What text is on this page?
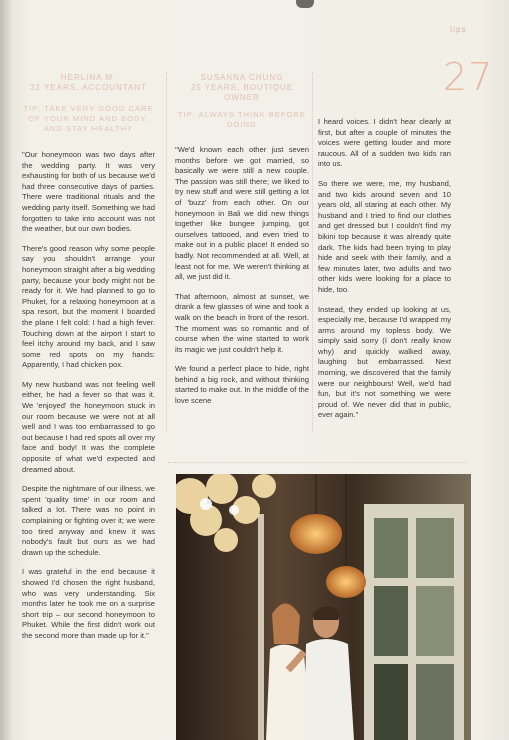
tips
27
HERLINA M.
32 YEARS, ACCOUNTANT
TIP: TAKE VERY GOOD CARE OF YOUR MIND AND BODY, AND STAY HEALTHY
SUSANNA CHUNG
25 YEARS, BOUTIQUE OWNER
TIP: ALWAYS THINK BEFORE DOING

"Our honeymoon was two days after the wedding party. It was very exhausting for both of us because we'd had three consecutive days of parties. There were traditional rituals and the wedding party itself. Something we had forgotten to take into account was not the weather, but our own bodies.

There's good reason why some people say you shouldn't arrange your honeymoon straight after a big wedding party, because your body might not be ready for it. We had planned to go to Phuket, for a relaxing honeymoon at a spa resort, but the moment I boarded the plane I felt cold: I had a high fever. Touching down at the airport I start to feel itchy around my back, and I saw some red spots on my hands: Apparently, I had chicken pox.

My new husband was not feeling well either, he had a fever so that was it. We 'enjoyed' the honeymoon stuck in our room because we were not at all well and I was too embarrassed to go out because I had red spots all over my face and body! It was the complete opposite of what we'd expected and dreamed about.

Despite the nightmare of our illness, we spent 'quality time' in our room and talked a lot. There was no point in complaining or fighting over it; we were too tired anyway and knew it was nobody's fault but ours as we had drawn up the schedule.

I was grateful in the end because it showed I'd chosen the right husband, who was very understanding. Six months later he took me on a surprise short trip – our second honeymoon to Phuket. While the first didn't work out the second more than made up for it."

"We'd known each other just seven months before we got married, so basically we were still a new couple. The passion was still there; we liked to try new stuff and were still getting a lot of 'buzz' from each other. On our honeymoon in Bali we did new things together like bungee jumping, got ourselves tattooed, and even tried to make out in a public place! It ended so badly. Not recommended at all. Well, at least not for me. We weren't thinking at all, we just did it.

That afternoon, almost at sunset, we drank a few glasses of wine and took a walk on the beach in front of the resort. The moment was so romantic and of course when the wine started to work its magic we just couldn't help it.

We found a perfect place to hide, right behind a big rock, and without thinking started to make out. In the middle of the love scene

I heard voices. I didn't hear clearly at first, but after a couple of minutes the voices were getting louder and more raucous. All of a sudden two kids ran into us.

So there we were, me, my husband, and two kids around seven and 10 years old, all staring at each other. My husband and I tried to find our clothes and get dressed but I couldn't find my bikini top because it was already quite dark. The kids had been trying to play hide and seek with their family, and a few minutes later, two adults and two other kids were looking for a place to hide, too.

Instead, they ended up looking at us, especially me, because I'd wrapped my arms around my topless body. We simply said sorry (I don't really know why) and quickly walked away, laughing but embarrassed. Next morning, we discovered that the family were our neighbours! Well, we'd had fun, but it's not something we were proud of. We never did that in public, ever again."
